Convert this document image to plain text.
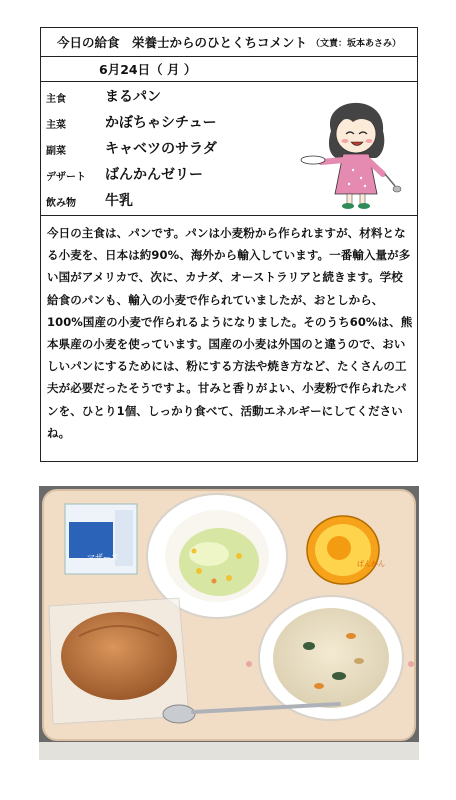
今日の給食　栄養士からのひとくちコメント （文責：坂本あさみ）
6 月 24 日 （ 月 ）
主食	まるパン
主菜	かぼちゃシチュー
副菜	キャベツのサラダ
デザート ばんかんゼリー
飲み物 牛乳

今日の主食は、パンです。パンは小麦粉から作られますが、材料となる小麦を、日本は約90%、海外から輸入しています。一番輸入量が多い国がアメリカで、次に、カナダ、オーストラリアと続きます。学校給食のパンも、輸入の小麦で作られていましたが、おとしから、100%国産の小麦で作られるようになりました。そのうち60%は、熊本県産の小麦を使っています。国産の小麦は外国のと違うので、おいしいパンにするためには、粉にする方法や焼き方など、たくさんの工夫が必要だったそうですよ。甘みと香りがよい、小麦粉で作られたパンを、ひとり1個、しっかり食べて、活動エネルギーにしてくださいね。

マザーズ
ばんかん
